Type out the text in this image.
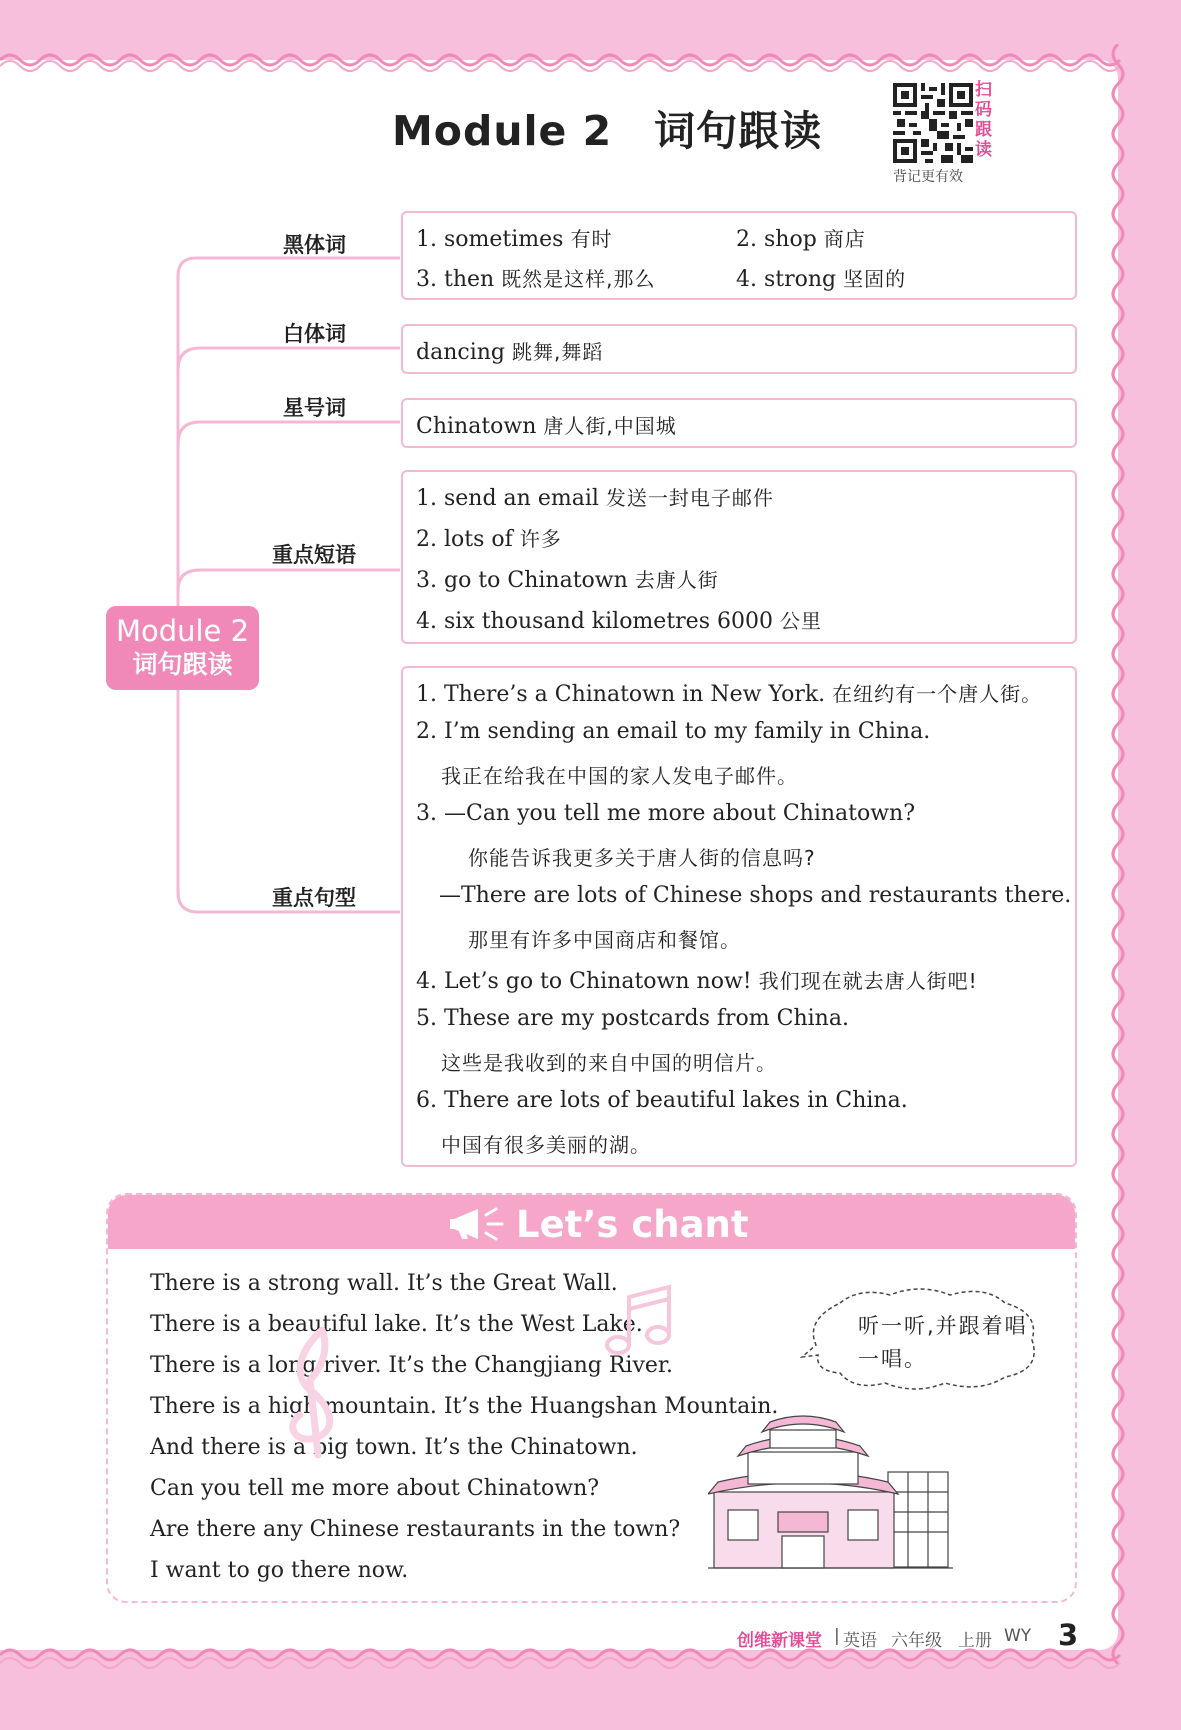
Module 2　词句跟读
扫
码
跟
读
背记更有效
黑体词
白体词
星号词
重点短语
重点句型
Module 2
词句跟读
1. sometimes 有时	2. shop 商店
3. then 既然是这样,那么	4. strong 坚固的
dancing 跳舞,舞蹈
Chinatown 唐人街,中国城
1. send an email 发送一封电子邮件
2. lots of 许多
3. go to Chinatown 去唐人街
4. six thousand kilometres 6000 公里
1. There’s a Chinatown in New York. 在纽约有一个唐人街。
2. I’m sending an email to my family in China.
我正在给我在中国的家人发电子邮件。
3. —Can you tell me more about Chinatown?
你能告诉我更多关于唐人街的信息吗?
—There are lots of Chinese shops and restaurants there.
那里有许多中国商店和餐馆。
4. Let’s go to Chinatown now! 我们现在就去唐人街吧!
5. These are my postcards from China.
这些是我收到的来自中国的明信片。
6. There are lots of beautiful lakes in China.
中国有很多美丽的湖。
Let’s chant
There is a strong wall. It’s the Great Wall.
There is a beautiful lake. It’s the West Lake.
There is a long river. It’s the Changjiang River.
There is a high mountain. It’s the Huangshan Mountain.
And there is a big town. It’s the Chinatown.
Can you tell me more about Chinatown?
Are there any Chinese restaurants in the town?
I want to go there now.
听一听,并跟着唱一唱。
创维新课堂 | 英语 六年级 上册 WY 3
